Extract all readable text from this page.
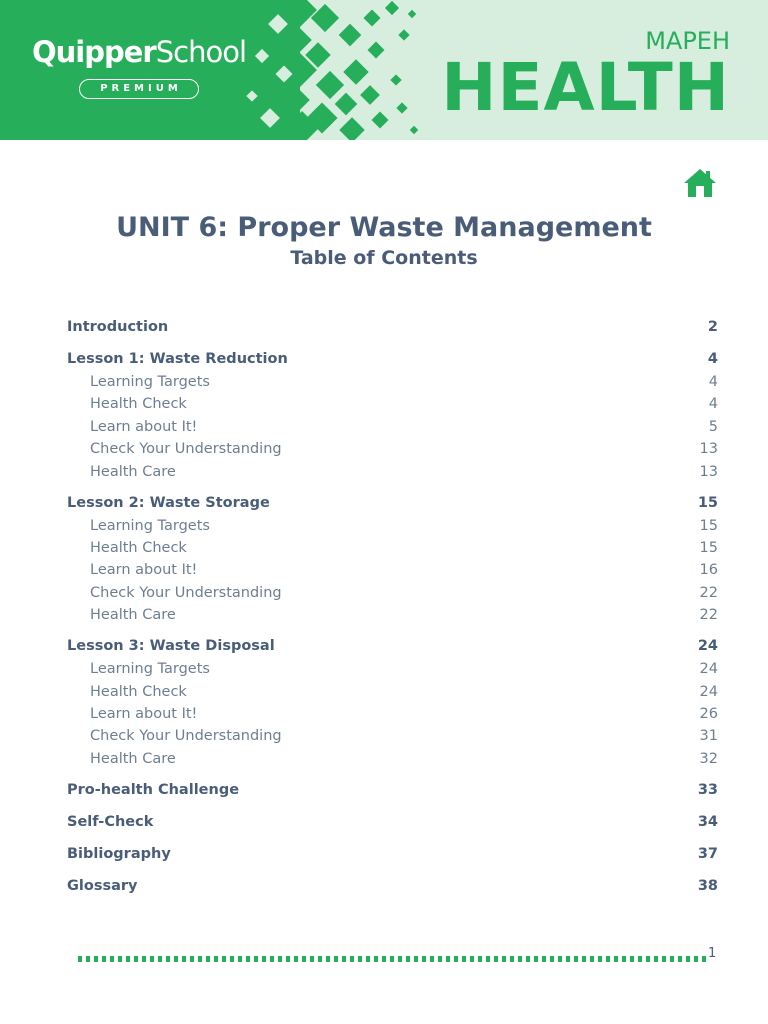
QuipperSchool
PREMIUM
MAPEH
HEALTH
UNIT 6: Proper Waste Management
Table of Contents
Introduction	2
Lesson 1: Waste Reduction	4
Learning Targets	4
Health Check	4
Learn about It!	5
Check Your Understanding	13
Health Care	13
Lesson 2: Waste Storage	15
Learning Targets	15
Health Check	15
Learn about It!	16
Check Your Understanding	22
Health Care	22
Lesson 3: Waste Disposal	24
Learning Targets	24
Health Check	24
Learn about It!	26
Check Your Understanding	31
Health Care	32
Pro-health Challenge	33
Self-Check	34
Bibliography	37
Glossary	38
1
